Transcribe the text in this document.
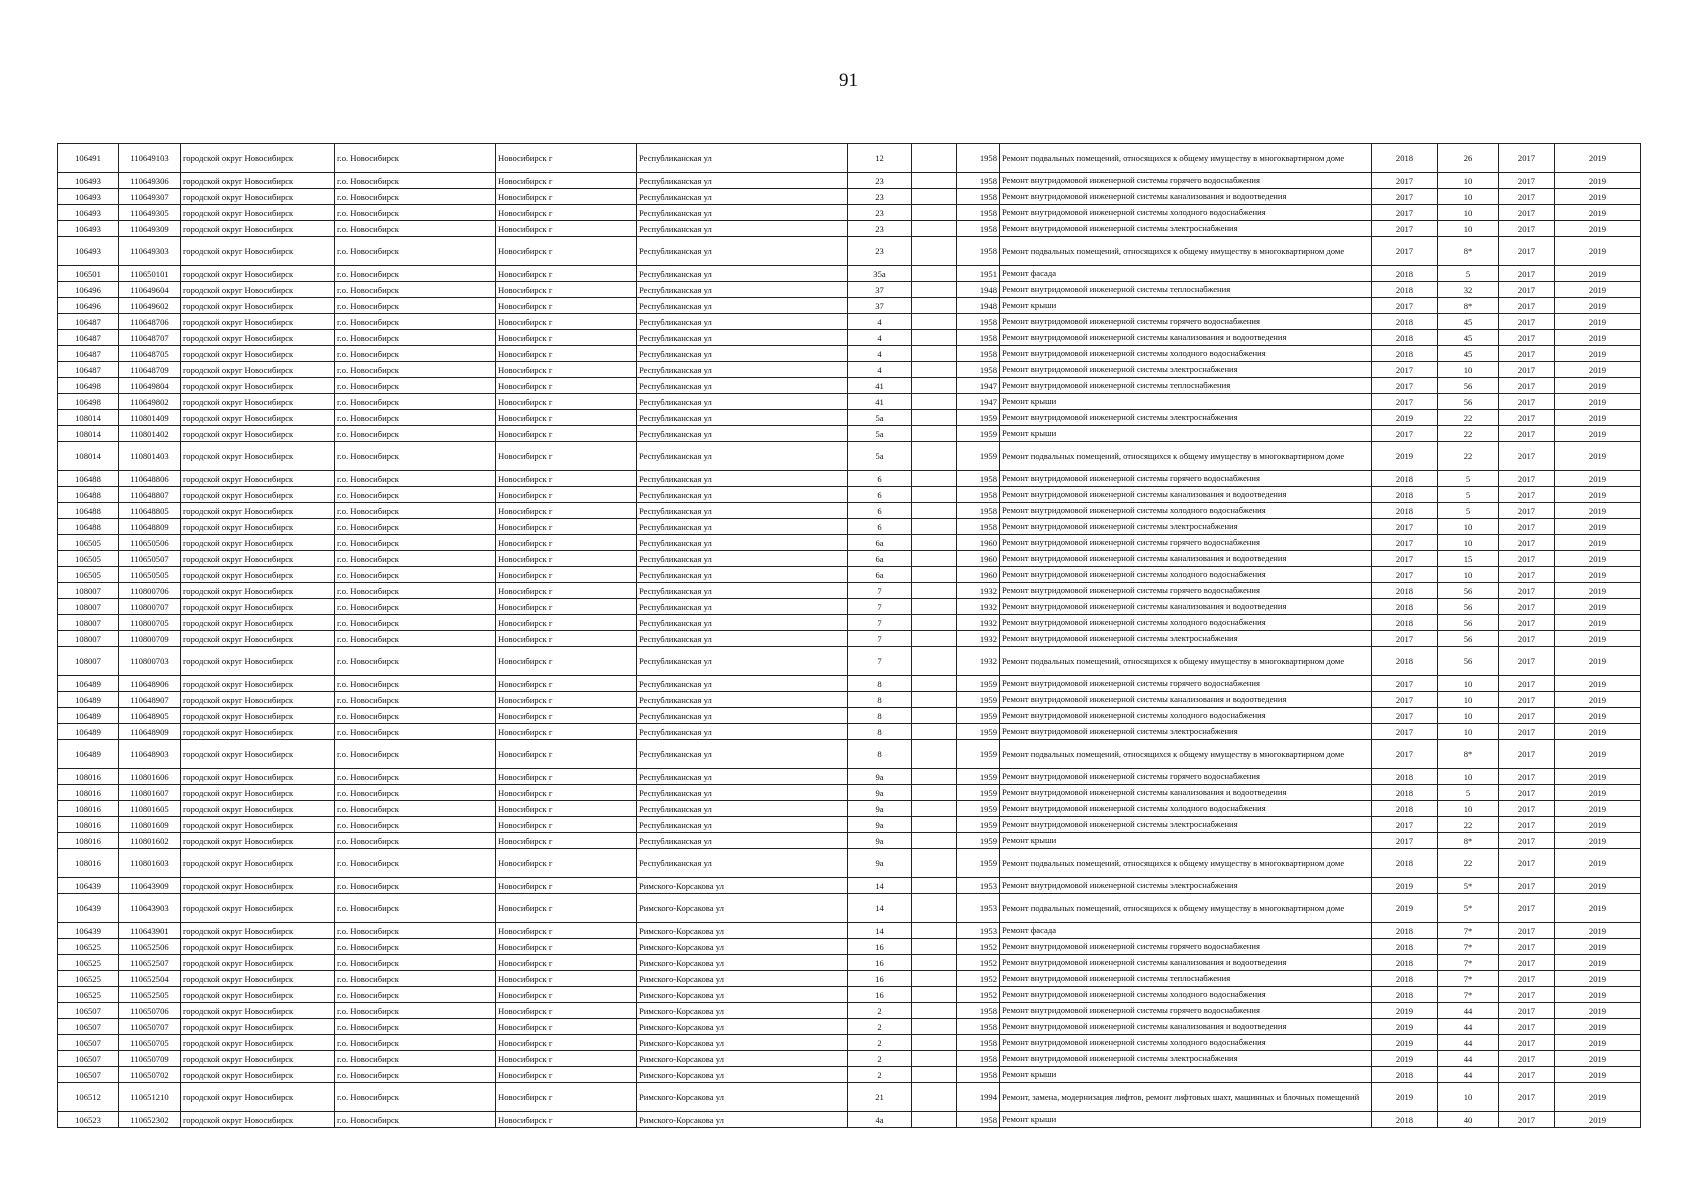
91
106491	110649103	городской округ Новосибирск	г.о. Новосибирск	Новосибирск г	Республиканская ул	12		1958	Ремонт подвальных помещений, относящихся к общему имуществу в многоквартирном доме	2018	26	2017	2019
106493	110649306	городской округ Новосибирск	г.о. Новосибирск	Новосибирск г	Республиканская ул	23		1958	Ремонт внутридомовой инженерной системы горячего водоснабжения	2017	10	2017	2019
106493	110649307	городской округ Новосибирск	г.о. Новосибирск	Новосибирск г	Республиканская ул	23		1958	Ремонт внутридомовой инженерной системы канализования и водоотведения	2017	10	2017	2019
106493	110649305	городской округ Новосибирск	г.о. Новосибирск	Новосибирск г	Республиканская ул	23		1958	Ремонт внутридомовой инженерной системы холодного водоснабжения	2017	10	2017	2019
106493	110649309	городской округ Новосибирск	г.о. Новосибирск	Новосибирск г	Республиканская ул	23		1958	Ремонт внутридомовой инженерной системы электроснабжения	2017	10	2017	2019
106493	110649303	городской округ Новосибирск	г.о. Новосибирск	Новосибирск г	Республиканская ул	23		1958	Ремонт подвальных помещений, относящихся к общему имуществу в многоквартирном доме	2017	8*	2017	2019
106501	110650101	городской округ Новосибирск	г.о. Новосибирск	Новосибирск г	Республиканская ул	35а		1951	Ремонт фасада	2018	5	2017	2019
106496	110649604	городской округ Новосибирск	г.о. Новосибирск	Новосибирск г	Республиканская ул	37		1948	Ремонт внутридомовой инженерной системы теплоснабжения	2018	32	2017	2019
106496	110649602	городской округ Новосибирск	г.о. Новосибирск	Новосибирск г	Республиканская ул	37		1948	Ремонт крыши	2017	8*	2017	2019
106487	110648706	городской округ Новосибирск	г.о. Новосибирск	Новосибирск г	Республиканская ул	4		1958	Ремонт внутридомовой инженерной системы горячего водоснабжения	2018	45	2017	2019
106487	110648707	городской округ Новосибирск	г.о. Новосибирск	Новосибирск г	Республиканская ул	4		1958	Ремонт внутридомовой инженерной системы канализования и водоотведения	2018	45	2017	2019
106487	110648705	городской округ Новосибирск	г.о. Новосибирск	Новосибирск г	Республиканская ул	4		1958	Ремонт внутридомовой инженерной системы холодного водоснабжения	2018	45	2017	2019
106487	110648709	городской округ Новосибирск	г.о. Новосибирск	Новосибирск г	Республиканская ул	4		1958	Ремонт внутридомовой инженерной системы электроснабжения	2017	10	2017	2019
106498	110649804	городской округ Новосибирск	г.о. Новосибирск	Новосибирск г	Республиканская ул	41		1947	Ремонт внутридомовой инженерной системы теплоснабжения	2017	56	2017	2019
106498	110649802	городской округ Новосибирск	г.о. Новосибирск	Новосибирск г	Республиканская ул	41		1947	Ремонт крыши	2017	56	2017	2019
108014	110801409	городской округ Новосибирск	г.о. Новосибирск	Новосибирск г	Республиканская ул	5а		1959	Ремонт внутридомовой инженерной системы электроснабжения	2019	22	2017	2019
108014	110801402	городской округ Новосибирск	г.о. Новосибирск	Новосибирск г	Республиканская ул	5а		1959	Ремонт крыши	2017	22	2017	2019
108014	110801403	городской округ Новосибирск	г.о. Новосибирск	Новосибирск г	Республиканская ул	5а		1959	Ремонт подвальных помещений, относящихся к общему имуществу в многоквартирном доме	2019	22	2017	2019
106488	110648806	городской округ Новосибирск	г.о. Новосибирск	Новосибирск г	Республиканская ул	6		1958	Ремонт внутридомовой инженерной системы горячего водоснабжения	2018	5	2017	2019
106488	110648807	городской округ Новосибирск	г.о. Новосибирск	Новосибирск г	Республиканская ул	6		1958	Ремонт внутридомовой инженерной системы канализования и водоотведения	2018	5	2017	2019
106488	110648805	городской округ Новосибирск	г.о. Новосибирск	Новосибирск г	Республиканская ул	6		1958	Ремонт внутридомовой инженерной системы холодного водоснабжения	2018	5	2017	2019
106488	110648809	городской округ Новосибирск	г.о. Новосибирск	Новосибирск г	Республиканская ул	6		1958	Ремонт внутридомовой инженерной системы электроснабжения	2017	10	2017	2019
106505	110650506	городской округ Новосибирск	г.о. Новосибирск	Новосибирск г	Республиканская ул	6а		1960	Ремонт внутридомовой инженерной системы горячего водоснабжения	2017	10	2017	2019
106505	110650507	городской округ Новосибирск	г.о. Новосибирск	Новосибирск г	Республиканская ул	6а		1960	Ремонт внутридомовой инженерной системы канализования и водоотведения	2017	15	2017	2019
106505	110650505	городской округ Новосибирск	г.о. Новосибирск	Новосибирск г	Республиканская ул	6а		1960	Ремонт внутридомовой инженерной системы холодного водоснабжения	2017	10	2017	2019
108007	110800706	городской округ Новосибирск	г.о. Новосибирск	Новосибирск г	Республиканская ул	7		1932	Ремонт внутридомовой инженерной системы горячего водоснабжения	2018	56	2017	2019
108007	110800707	городской округ Новосибирск	г.о. Новосибирск	Новосибирск г	Республиканская ул	7		1932	Ремонт внутридомовой инженерной системы канализования и водоотведения	2018	56	2017	2019
108007	110800705	городской округ Новосибирск	г.о. Новосибирск	Новосибирск г	Республиканская ул	7		1932	Ремонт внутридомовой инженерной системы холодного водоснабжения	2018	56	2017	2019
108007	110800709	городской округ Новосибирск	г.о. Новосибирск	Новосибирск г	Республиканская ул	7		1932	Ремонт внутридомовой инженерной системы электроснабжения	2017	56	2017	2019
108007	110800703	городской округ Новосибирск	г.о. Новосибирск	Новосибирск г	Республиканская ул	7		1932	Ремонт подвальных помещений, относящихся к общему имуществу в многоквартирном доме	2018	56	2017	2019
106489	110648906	городской округ Новосибирск	г.о. Новосибирск	Новосибирск г	Республиканская ул	8		1959	Ремонт внутридомовой инженерной системы горячего водоснабжения	2017	10	2017	2019
106489	110648907	городской округ Новосибирск	г.о. Новосибирск	Новосибирск г	Республиканская ул	8		1959	Ремонт внутридомовой инженерной системы канализования и водоотведения	2017	10	2017	2019
106489	110648905	городской округ Новосибирск	г.о. Новосибирск	Новосибирск г	Республиканская ул	8		1959	Ремонт внутридомовой инженерной системы холодного водоснабжения	2017	10	2017	2019
106489	110648909	городской округ Новосибирск	г.о. Новосибирск	Новосибирск г	Республиканская ул	8		1959	Ремонт внутридомовой инженерной системы электроснабжения	2017	10	2017	2019
106489	110648903	городской округ Новосибирск	г.о. Новосибирск	Новосибирск г	Республиканская ул	8		1959	Ремонт подвальных помещений, относящихся к общему имуществу в многоквартирном доме	2017	8*	2017	2019
108016	110801606	городской округ Новосибирск	г.о. Новосибирск	Новосибирск г	Республиканская ул	9а		1959	Ремонт внутридомовой инженерной системы горячего водоснабжения	2018	10	2017	2019
108016	110801607	городской округ Новосибирск	г.о. Новосибирск	Новосибирск г	Республиканская ул	9а		1959	Ремонт внутридомовой инженерной системы канализования и водоотведения	2018	5	2017	2019
108016	110801605	городской округ Новосибирск	г.о. Новосибирск	Новосибирск г	Республиканская ул	9а		1959	Ремонт внутридомовой инженерной системы холодного водоснабжения	2018	10	2017	2019
108016	110801609	городской округ Новосибирск	г.о. Новосибирск	Новосибирск г	Республиканская ул	9а		1959	Ремонт внутридомовой инженерной системы электроснабжения	2017	22	2017	2019
108016	110801602	городской округ Новосибирск	г.о. Новосибирск	Новосибирск г	Республиканская ул	9а		1959	Ремонт крыши	2017	8*	2017	2019
108016	110801603	городской округ Новосибирск	г.о. Новосибирск	Новосибирск г	Республиканская ул	9а		1959	Ремонт подвальных помещений, относящихся к общему имуществу в многоквартирном доме	2018	22	2017	2019
106439	110643909	городской округ Новосибирск	г.о. Новосибирск	Новосибирск г	Римского-Корсакова ул	14		1953	Ремонт внутридомовой инженерной системы электроснабжения	2019	5*	2017	2019
106439	110643903	городской округ Новосибирск	г.о. Новосибирск	Новосибирск г	Римского-Корсакова ул	14		1953	Ремонт подвальных помещений, относящихся к общему имуществу в многоквартирном доме	2019	5*	2017	2019
106439	110643901	городской округ Новосибирск	г.о. Новосибирск	Новосибирск г	Римского-Корсакова ул	14		1953	Ремонт фасада	2018	7*	2017	2019
106525	110652506	городской округ Новосибирск	г.о. Новосибирск	Новосибирск г	Римского-Корсакова ул	16		1952	Ремонт внутридомовой инженерной системы горячего водоснабжения	2018	7*	2017	2019
106525	110652507	городской округ Новосибирск	г.о. Новосибирск	Новосибирск г	Римского-Корсакова ул	16		1952	Ремонт внутридомовой инженерной системы канализования и водоотведения	2018	7*	2017	2019
106525	110652504	городской округ Новосибирск	г.о. Новосибирск	Новосибирск г	Римского-Корсакова ул	16		1952	Ремонт внутридомовой инженерной системы теплоснабжения	2018	7*	2017	2019
106525	110652505	городской округ Новосибирск	г.о. Новосибирск	Новосибирск г	Римского-Корсакова ул	16		1952	Ремонт внутридомовой инженерной системы холодного водоснабжения	2018	7*	2017	2019
106507	110650706	городской округ Новосибирск	г.о. Новосибирск	Новосибирск г	Римского-Корсакова ул	2		1958	Ремонт внутридомовой инженерной системы горячего водоснабжения	2019	44	2017	2019
106507	110650707	городской округ Новосибирск	г.о. Новосибирск	Новосибирск г	Римского-Корсакова ул	2		1958	Ремонт внутридомовой инженерной системы канализования и водоотведения	2019	44	2017	2019
106507	110650705	городской округ Новосибирск	г.о. Новосибирск	Новосибирск г	Римского-Корсакова ул	2		1958	Ремонт внутридомовой инженерной системы холодного водоснабжения	2019	44	2017	2019
106507	110650709	городской округ Новосибирск	г.о. Новосибирск	Новосибирск г	Римского-Корсакова ул	2		1958	Ремонт внутридомовой инженерной системы электроснабжения	2019	44	2017	2019
106507	110650702	городской округ Новосибирск	г.о. Новосибирск	Новосибирск г	Римского-Корсакова ул	2		1958	Ремонт крыши	2018	44	2017	2019
106512	110651210	городской округ Новосибирск	г.о. Новосибирск	Новосибирск г	Римского-Корсакова ул	21		1994	Ремонт, замена, модернизация лифтов, ремонт лифтовых шахт, машинных и блочных помещений	2019	10	2017	2019
106523	110652302	городской округ Новосибирск	г.о. Новосибирск	Новосибирск г	Римского-Корсакова ул	4а		1958	Ремонт крыши	2018	40	2017	2019
